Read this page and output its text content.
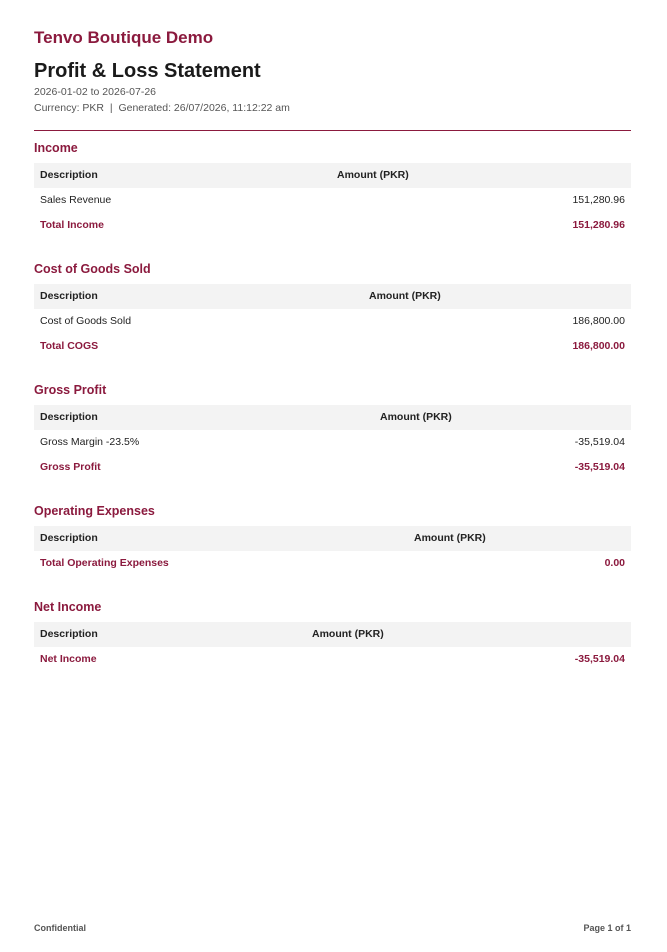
Tenvo Boutique Demo
Profit & Loss Statement
2026-01-02 to 2026-07-26
Currency: PKR | Generated: 26/07/2026, 11:12:22 am
Income
Description	Amount (PKR)
Sales Revenue	151,280.96
Total Income	151,280.96
Cost of Goods Sold
Description	Amount (PKR)
Cost of Goods Sold	186,800.00
Total COGS	186,800.00
Gross Profit
Description	Amount (PKR)
Gross Margin -23.5%	-35,519.04
Gross Profit	-35,519.04
Operating Expenses
Description	Amount (PKR)
Total Operating Expenses	0.00
Net Income
Description	Amount (PKR)
Net Income	-35,519.04
Confidential	Page 1 of 1
